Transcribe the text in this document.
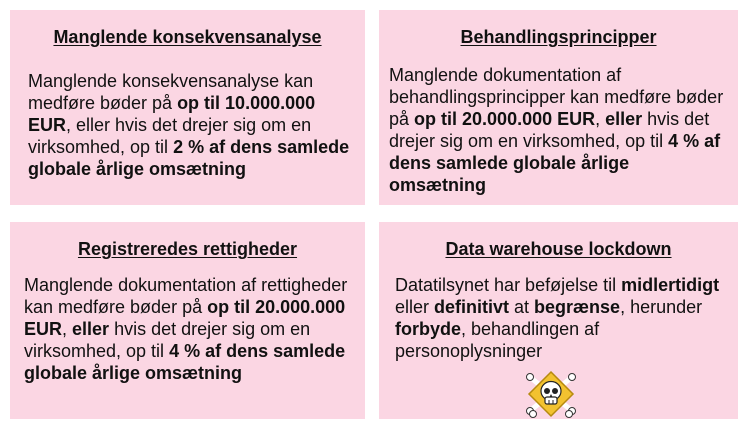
Manglende konsekvensanalyse
Manglende konsekvensanalyse kan medføre bøder på op til 10.000.000 EUR, eller hvis det drejer sig om en virksomhed, op til 2 % af dens samlede globale årlige omsætning
Behandlingsprincipper
Manglende dokumentation af behandlingsprincipper kan medføre bøder på op til 20.000.000 EUR, eller hvis det drejer sig om en virksomhed, op til 4 % af dens samlede globale årlige omsætning
Registreredes rettigheder
Manglende dokumentation af rettigheder kan medføre bøder på op til 20.000.000 EUR, eller hvis det drejer sig om en virksomhed, op til 4 % af dens samlede globale årlige omsætning
Data warehouse lockdown
Datatilsynet har beføjelse til midlertidigt eller definitivt at begrænse, herunder forbyde, behandlingen af personoplysninger
